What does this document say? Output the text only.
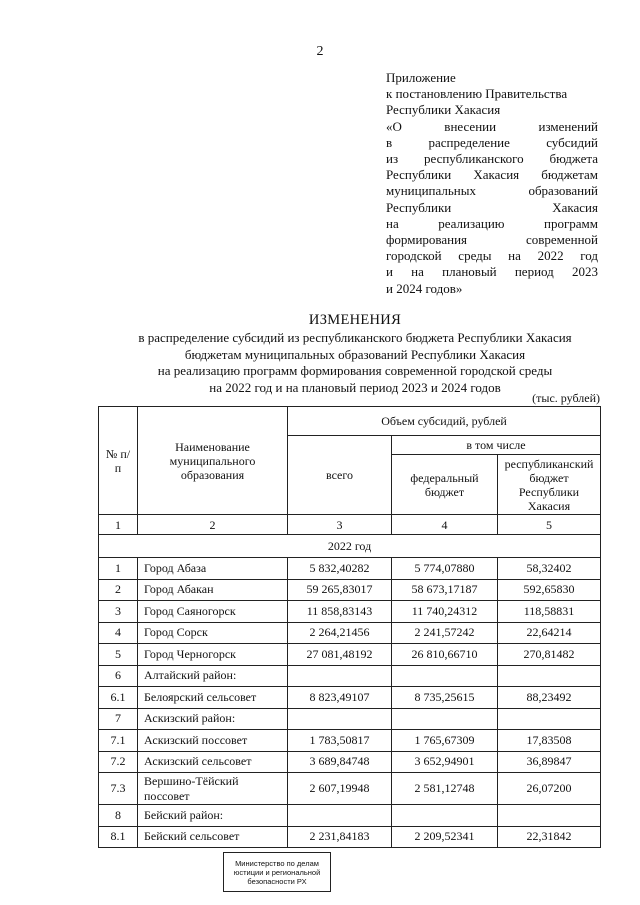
2
Приложение
к постановлению Правительства
Республики Хакасия
«О внесении изменений
в распределение субсидий
из республиканского бюджета
Республики Хакасия бюджетам
муниципальных образований
Республики Хакасия
на реализацию программ
формирования современной
городской среды на 2022 год
и на плановый период 2023
и 2024 годов»
ИЗМЕНЕНИЯ
в распределение субсидий из республиканского бюджета Республики Хакасия
бюджетам муниципальных образований Республики Хакасия
на реализацию программ формирования современной городской среды
на 2022 год и на плановый период 2023 и 2024 годов
(тыс. рублей)
№ п/п	Наименование муниципального образования	Объем субсидий, рублей		
		всего	в том числе	
			федеральный бюджет	республиканский бюджет Республики Хакасия
1	2	3	4	5
2022 год				
1	Город Абаза	5 832,40282	5 774,07880	58,32402
2	Город Абакан	59 265,83017	58 673,17187	592,65830
3	Город Саяногорск	11 858,83143	11 740,24312	118,58831
4	Город Сорск	2 264,21456	2 241,57242	22,64214
5	Город Черногорск	27 081,48192	26 810,66710	270,81482
6	Алтайский район:			
6.1	Белоярский сельсовет	8 823,49107	8 735,25615	88,23492
7	Аскизский район:			
7.1	Аскизский поссовет	1 783,50817	1 765,67309	17,83508
7.2	Аскизский сельсовет	3 689,84748	3 652,94901	36,89847
7.3	Вершино-Тёйский поссовет	2 607,19948	2 581,12748	26,07200
8	Бейский район:			
8.1	Бейский сельсовет	2 231,84183	2 209,52341	22,31842
Министерство по делам
юстиции и региональной
безопасности РХ
